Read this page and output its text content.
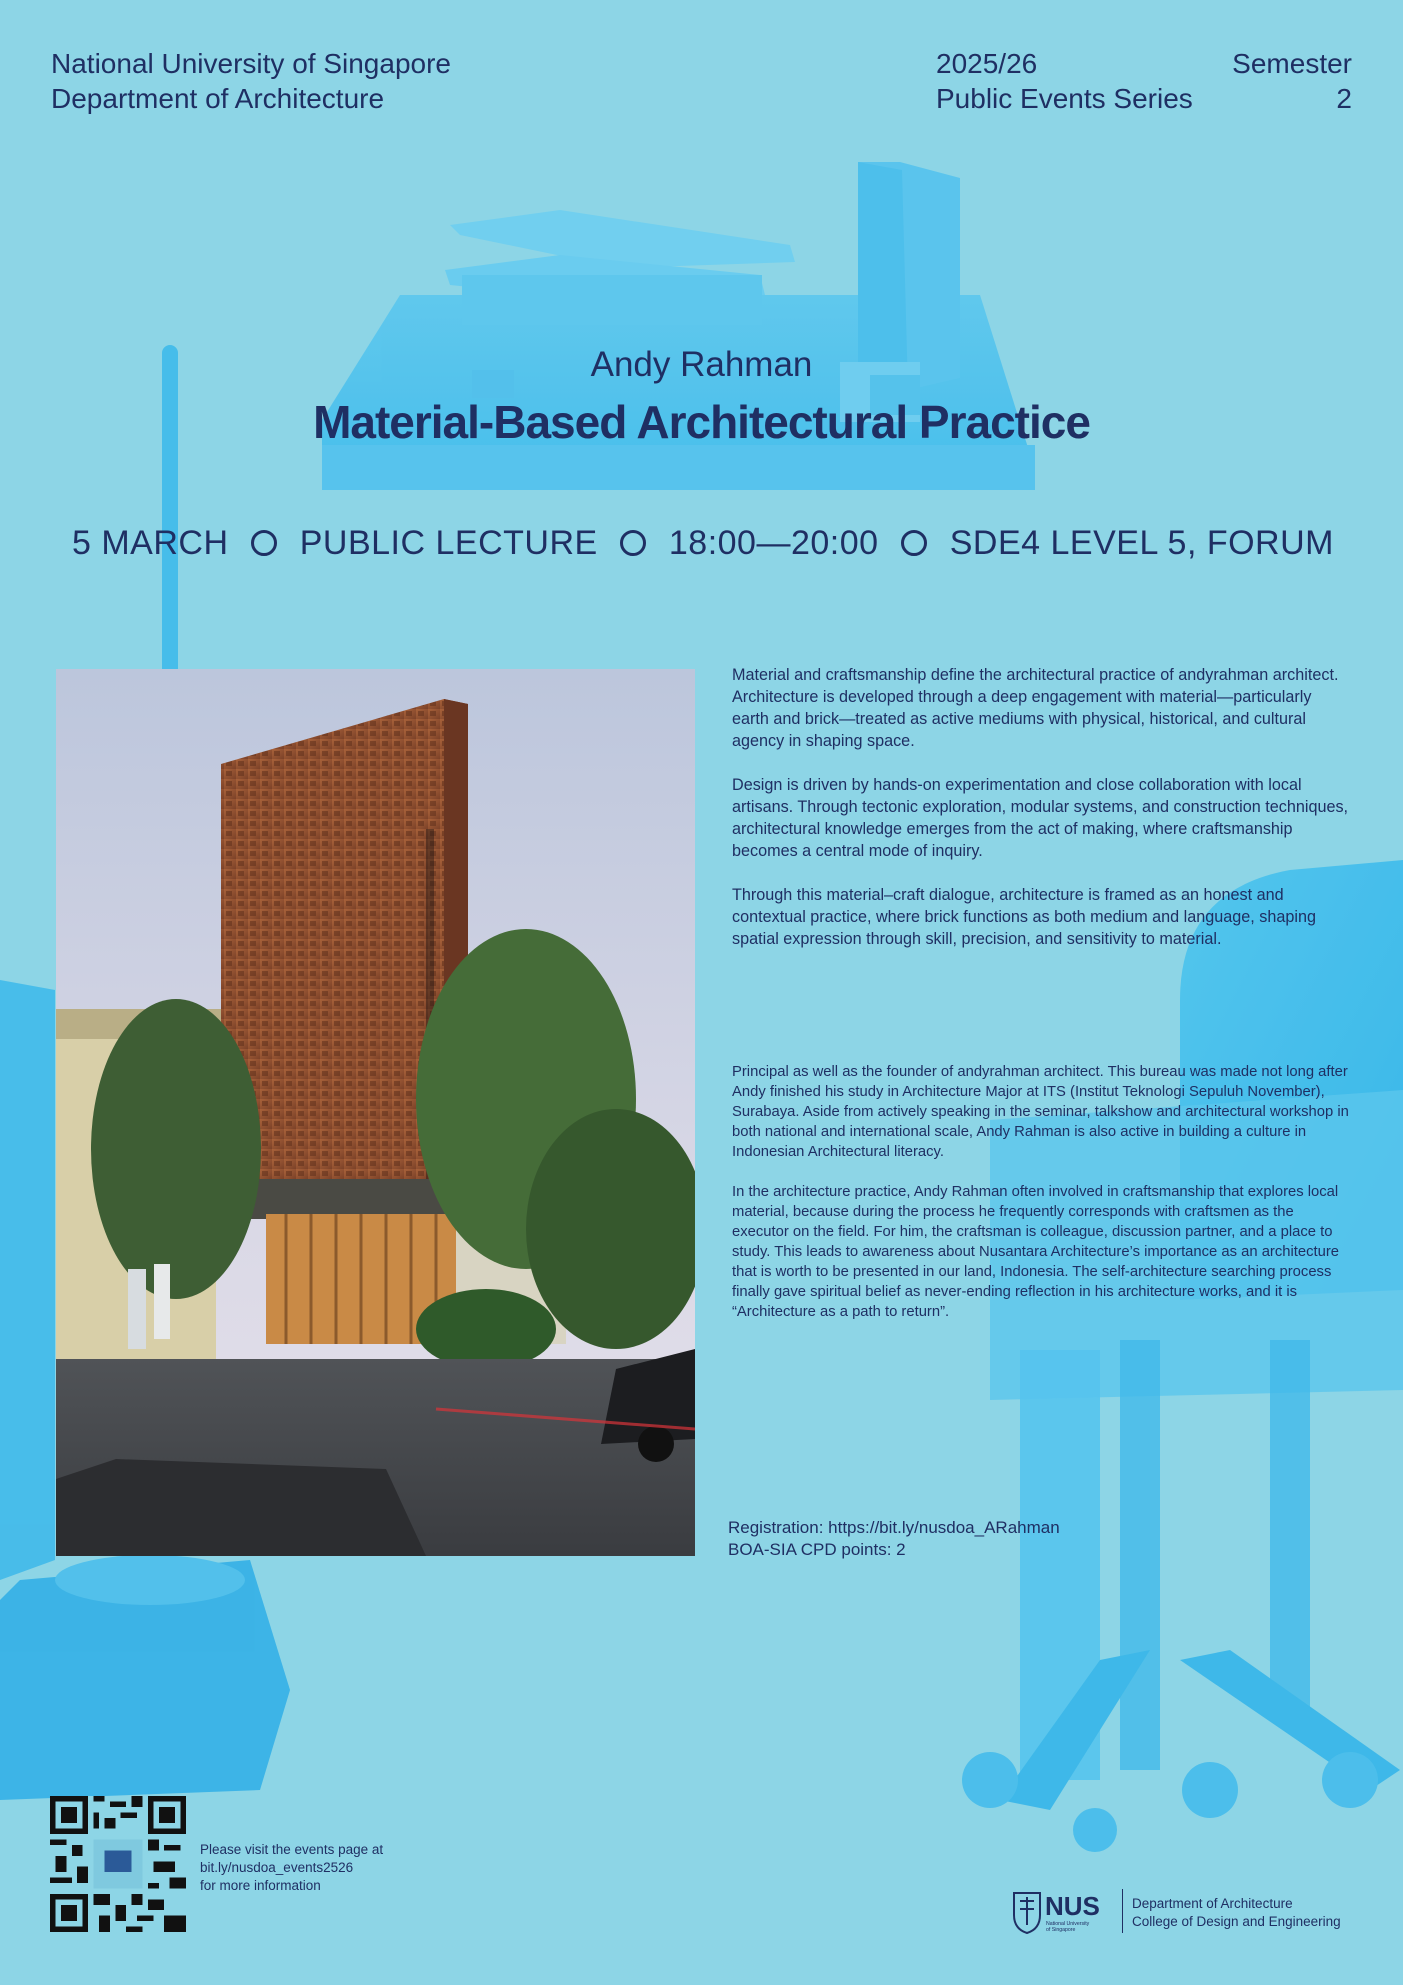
National University of Singapore
Department of Architecture
2025/26
Public Events Series
Semester
2
Andy Rahman
Material-Based Architectural Practice
5 MARCH PUBLIC LECTURE 18:00—20:00 SDE4 LEVEL 5, FORUM

Material and craftsmanship define the architectural practice of andyrahman architect. Architecture is developed through a deep engagement with material—particularly earth and brick—treated as active mediums with physical, historical, and cultural agency in shaping space.

Design is driven by hands-on experimentation and close collaboration with local artisans. Through tectonic exploration, modular systems, and construction techniques, architectural knowledge emerges from the act of making, where craftsmanship becomes a central mode of inquiry.

Through this material–craft dialogue, architecture is framed as an honest and contextual practice, where brick functions as both medium and language, shaping spatial expression through skill, precision, and sensitivity to material.

Principal as well as the founder of andyrahman architect. This bureau was made not long after Andy finished his study in Architecture Major at ITS (Institut Teknologi Sepuluh November), Surabaya. Aside from actively speaking in the seminar, talkshow and architectural workshop in both national and international scale, Andy Rahman is also active in building a culture in Indonesian Architectural literacy.

In the architecture practice, Andy Rahman often involved in craftsmanship that explores local material, because during the process he frequently corresponds with craftsmen as the executor on the field. For him, the craftsman is colleague, discussion partner, and a place to study. This leads to awareness about Nusantara Architecture’s importance as an architecture that is worth to be presented in our land, Indonesia. The self-architecture searching process finally gave spiritual belief as never-ending reflection in his architecture works, and it is “Architecture as a path to return”.

Registration: https://bit.ly/nusdoa_ARahman
BOA-SIA CPD points: 2
Please visit the events page at
bit.ly/nusdoa_events2526
for more information
NUS
National University
of Singapore
Department of Architecture
College of Design and Engineering
